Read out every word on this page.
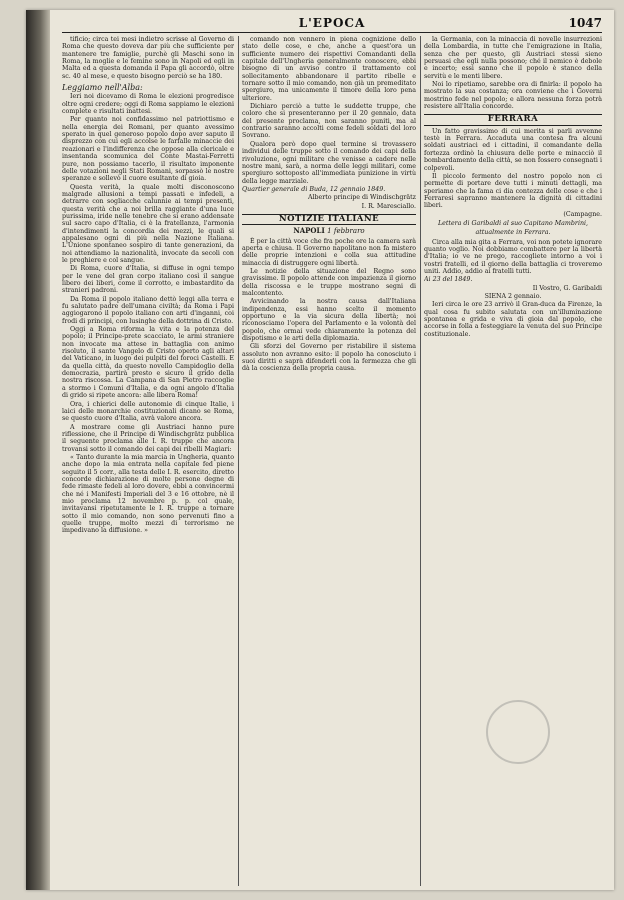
L'EPOCA	1047

tificio; circa tei mesi indietro scrisse al Governo di Roma che questo doveva dar più che sufficiente per mantenere tre famiglie, purchè gli Maschi sono in Roma, la moglie e le femine sono in Napoli ed egli in Malta ed a questa domanda il Papa gli accordò, oltre sc. 40 al mese, e questo bisogno perciò se ha 180.

Leggiamo nell'Alba:

Ieri noi dicevamo di Roma le elezioni progredisce oltre ogni credere; oggi di Roma sappiamo le elezioni complete e risultati inattesi.

Per quanto noi confidassimo nel patriottismo e nella energia dei Romani, per quanto avessimo sperato in quel generoso popolo dopo aver saputo il disprezzo con cui egli accolse le farfalle minaccie dei reazionari e l'indifferenza che oppose alla clericale e insentanda scomunica del Conte Mastai-Ferretti pure, non possiamo tacerlo, il risultato imponente delle votazioni negli Stati Romani, sorpassò le nostre speranze e sollevò il cuore esultante di gioia.

Questa verità, la quale molti disconoscono malgrade allusioni a tempi passati e infedeli, a detrarre con sogliacche calunnie ai tempi presenti, questa verità che a noi brilla raggiante d'una luce purissima, iride nelle tenebre che si erano addensate sul sacro capo d'Italia, ci è la fratellanza, l'armonia d'intendimenti la concordia dei mezzi, le quali si appalesano ogni di più nella Nazione Italiana. L'Unione spontaneo sospiro di tante generazioni, da noi attendiamo la nazionalità, invocate da secoli con le preghiere e col sangue.

Di Roma, cuore d'Italia, si diffuse in ogni tempo per le vene del gran corpo italiano così il sangue libero dei liberi, come il corrotto, e imbastardito da stranieri padroni.

Da Roma il popolo italiano dettò leggi alla terra e fu salutato padre dell'umana civiltà; da Roma i Papi aggiogarono il popolo italiano con arti d'inganni, coi frodi di principi, con lusinghe della dottrina di Cristo.

Oggi a Roma riforma la vita e la potenza del popolo; il Principe-prete scacciato, le armi straniere non invocate ma attese in battaglia con animo risoluto, il sante Vangelo di Cristo operto agli altari del Vaticano, in luogo dei pulpiti del foroci Castelli. E da quella città, da questo novello Campidoglio della democrazia, partirà presto e sicuro il grido della nostra riscossa. La Campana di San Pietro raccoglie a stormo i Comuni d'Italia, e da ogni angolo d'Italia di grido si ripete ancora: alle libera Roma!

Ora, i chierici delle autonomie di cinque Italie, i laici delle monarchie costituzionali dicano se Roma, se questo cuore d'Italia, avrà valore ancora.

A mostrare come gli Austriaci hanno pure riflessione, che il Principe di Windischgrätz pubblica il seguente proclama alle I. R. truppe che ancora trovansi sotto il comando dei capi dei ribelli Magiari:

« Tanto durante la mia marcia in Ungheria, quanto anche dopo la mia entrata nella capitale fed piene seguito il 5 corr., alla testa delle I. R. esercito, diretto concorde dichiarazione di molte persone degne di fede rimaste fedeli al loro dovere, ebbi a convincermi che né i Manifesti Imperiali del 3 e 16 ottobre, nè il mio proclama 12 novembre p. p. col quale, invitavansi ripetutamente le I. R. truppe a tornare sotto il mio comando, non sono pervenuti fino a quelle truppe, molto mezzi di terrorismo ne impedivano la diffusione. »

comando non vennero in piena cognizione dello stato delle cose, e che, anche a quest'ora un sufficiente numero dei rispettivi Comandanti della capitale dell'Ungheria generalmente conoscere, ebbi bisogno di un avviso contro il trattamento col sollecitamento abbandonare il partito ribelle e tornare sotto il mio comando, non già un premeditato spergiuro, ma unicamente il timore della loro pena ulteriore.

Dichiaro perciò a tutte le suddette truppe, che coloro che si presenteranno per il 20 gennaio, data del presente proclama, non saranno puniti, ma al contrario saranno accolti come fedeli soldati del loro Sovrano.

Qualora però dopo quel termine si trovassero individui delle truppe sotto il comando dei capi della rivoluzione, ogni militare che venisse a cadere nelle nostre mani, sarà, a norma delle leggi militari, come spergiuro sottoposto all'immediata punizione in virtù della legge marziale.

Quartier generale di Buda, 12 gennaio 1849.

Alberto principe di Windischgrätz

I. R. Maresciallo.

NOTIZIE ITALIANE
NAPOLI 1 febbraro

È per la città voce che fra poche ore la camera sarà aperta e chiusa. Il Governo napolitano non fa mistero delle proprie intenzioni e colla sua attitudine minaccia di distruggere ogni libertà.

Le notizie della situazione del Regno sono gravissime. Il popolo attende con impazienza il giorno della riscossa e le truppe mostrano segni di malcontento.

Avvicinando la nostra causa dall'Italiana indipendenza, essi hanno scelto il momento opportuno e la via sicura della libertà; noi riconosciamo l'opera del Parlamento e la volontà del popolo, che ormai vede chiaramente la potenza del dispotismo e le arti della diplomazia.

Gli sforzi del Governo per ristabilire il sistema assoluto non avranno esito: il popolo ha conosciuto i suoi diritti e saprà difenderli con la fermezza che gli dà la coscienza della propria causa.

la Germania, con la minaccia di novelle insurrezioni della Lombardia, in tutte che l'emigrazione in Italia, senza che per questo, gli Austriaci stessi sieno persuasi che egli nulla possono; ché il nemico è debole e incerto; essi sanno che il popolo è stanco della servitù e le menti libere.

Noi lo ripetiamo, sarebbe ora di finirla: il popolo ha mostrato la sua costanza; ora conviene che i Governi mostrino fede nel popolo; e allora nessuna forza potrà resistere all'Italia concorde.

FERRARA

Un fatto gravissimo di cui merita si parli avvenne testè in Ferrara. Accaduta una contesa fra alcuni soldati austriaci ed i cittadini, il comandante della fortezza ordinò la chiusura delle porte e minacciò il bombardamento della città, se non fossero consegnati i colpevoli.

Il piccolo fermento del nostro popolo non ci permette di portare deve tutti i minuti dettagli, ma speriamo che la fama ci dia contezza delle cose e che i Ferraresi sapranno mantenere la dignità di cittadini liberi.

(Campagne.

Lettera di Garibaldi al suo Capitano Mambrini,

attualmente in Ferrara.

Circa alla mia gita a Ferrara, voi non potete ignorare quanto voglio. Noi dobbiamo combattere per la libertà d'Italia; io ve ne prego, raccogliete intorno a voi i vostri fratelli, ed il giorno della battaglia ci troveremo uniti. Addio, addio ai fratelli tutti.

Ai 23 del 1849.

Il Vostro, G. Garibaldi

SIENA 2 gennaio.

Ieri circa le ore 23 arrivò il Gran-duca da Firenze, la qual cosa fu subito salutata con un'illuminazione spontanea e grida e viva di gioia dal popolo, che accorse in folla a festeggiare la venuta del suo Principe costituzionale.
